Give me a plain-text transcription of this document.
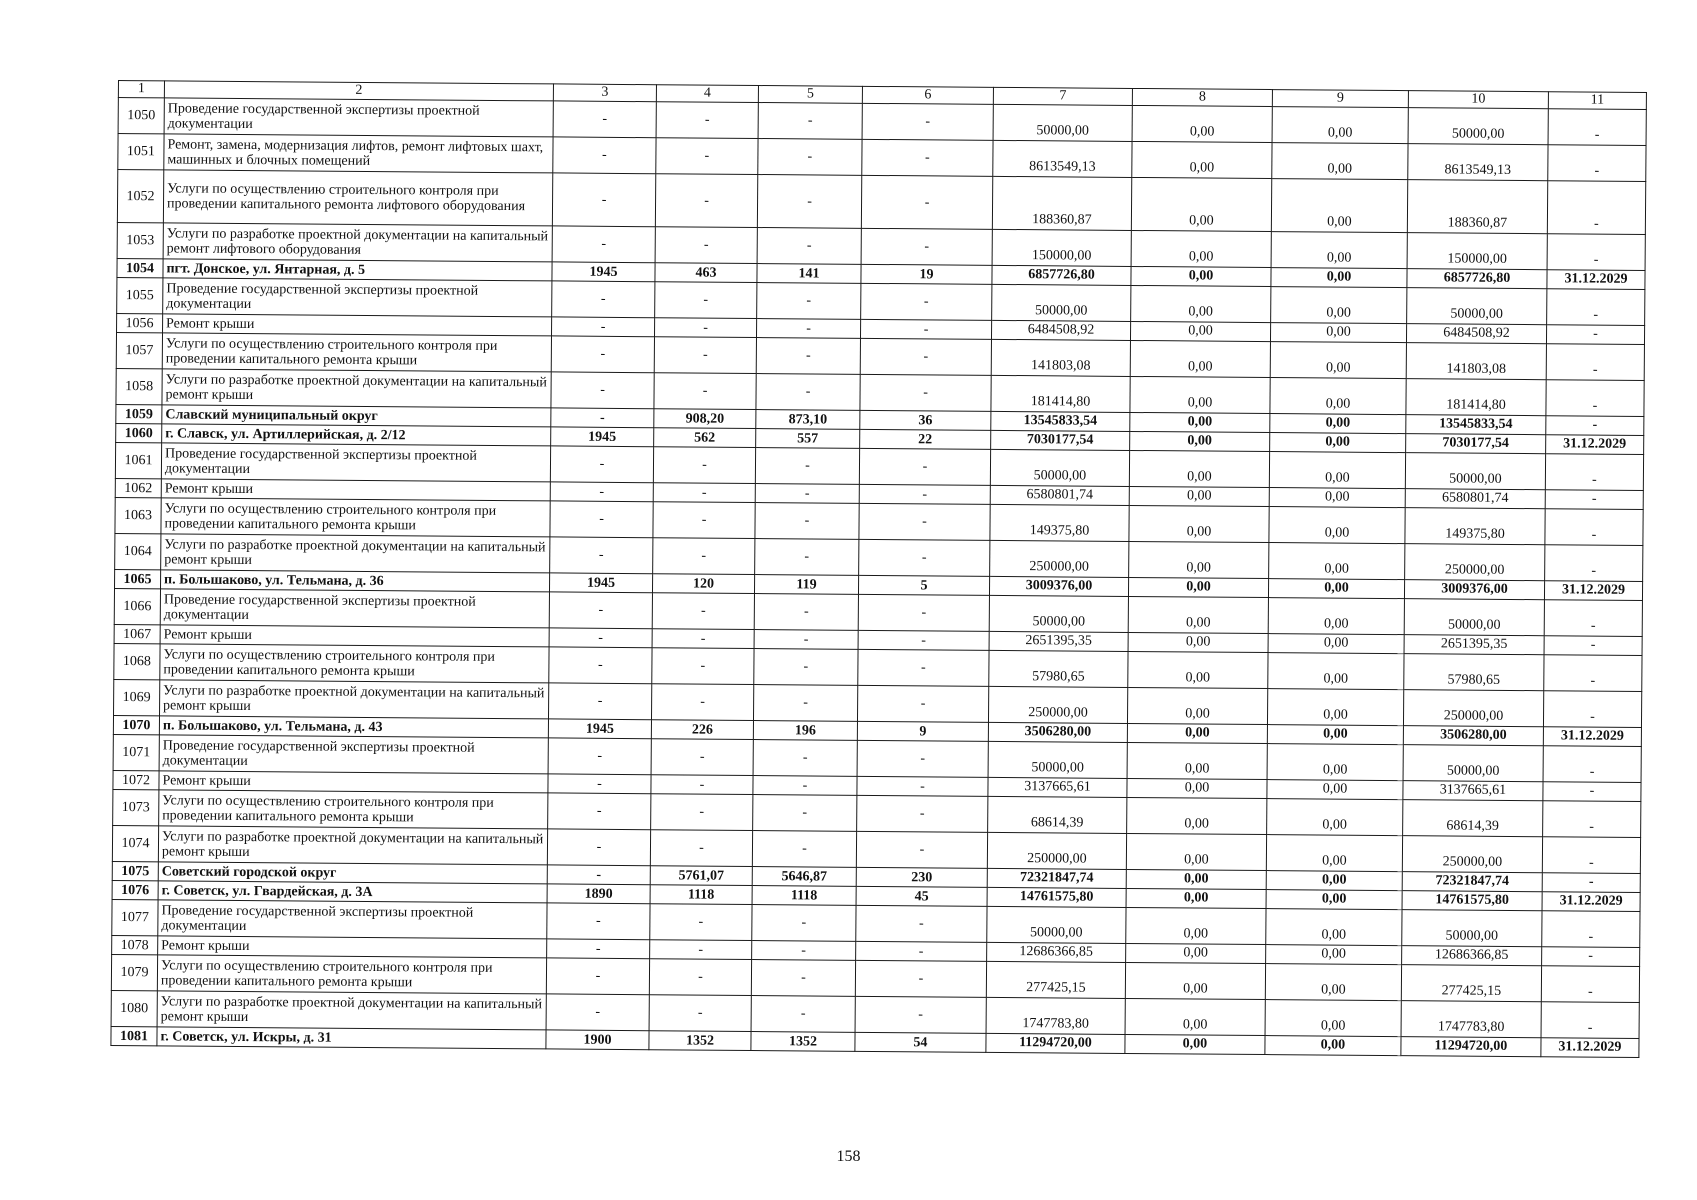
1	2	3	4	5	6	7	8	9	10	11
1050	Проведение государственной экспертизы проектной документации	-	-	-	-	50000,00	0,00	0,00	50000,00	-
1051	Ремонт, замена, модернизация лифтов, ремонт лифтовых шахт, машинных и блочных помещений	-	-	-	-	8613549,13	0,00	0,00	8613549,13	-
1052	Услуги по осуществлению строительного контроля при проведении капитального ремонта лифтового оборудования	-	-	-	-	188360,87	0,00	0,00	188360,87	-
1053	Услуги по разработке проектной документации на капитальный ремонт лифтового оборудования	-	-	-	-	150000,00	0,00	0,00	150000,00	-
1054	пгт. Донское, ул. Янтарная, д. 5	1945	463	141	19	6857726,80	0,00	0,00	6857726,80	31.12.2029
1055	Проведение государственной экспертизы проектной документации	-	-	-	-	50000,00	0,00	0,00	50000,00	-
1056	Ремонт крыши	-	-	-	-	6484508,92	0,00	0,00	6484508,92	-
1057	Услуги по осуществлению строительного контроля при проведении капитального ремонта крыши	-	-	-	-	141803,08	0,00	0,00	141803,08	-
1058	Услуги по разработке проектной документации на капитальный ремонт крыши	-	-	-	-	181414,80	0,00	0,00	181414,80	-
1059	Славский муниципальный округ	-	908,20	873,10	36	13545833,54	0,00	0,00	13545833,54	-
1060	г. Славск, ул. Артиллерийская, д. 2/12	1945	562	557	22	7030177,54	0,00	0,00	7030177,54	31.12.2029
1061	Проведение государственной экспертизы проектной документации	-	-	-	-	50000,00	0,00	0,00	50000,00	-
1062	Ремонт крыши	-	-	-	-	6580801,74	0,00	0,00	6580801,74	-
1063	Услуги по осуществлению строительного контроля при проведении капитального ремонта крыши	-	-	-	-	149375,80	0,00	0,00	149375,80	-
1064	Услуги по разработке проектной документации на капитальный ремонт крыши	-	-	-	-	250000,00	0,00	0,00	250000,00	-
1065	п. Большаково, ул. Тельмана, д. 36	1945	120	119	5	3009376,00	0,00	0,00	3009376,00	31.12.2029
1066	Проведение государственной экспертизы проектной документации	-	-	-	-	50000,00	0,00	0,00	50000,00	-
1067	Ремонт крыши	-	-	-	-	2651395,35	0,00	0,00	2651395,35	-
1068	Услуги по осуществлению строительного контроля при проведении капитального ремонта крыши	-	-	-	-	57980,65	0,00	0,00	57980,65	-
1069	Услуги по разработке проектной документации на капитальный ремонт крыши	-	-	-	-	250000,00	0,00	0,00	250000,00	-
1070	п. Большаково, ул. Тельмана, д. 43	1945	226	196	9	3506280,00	0,00	0,00	3506280,00	31.12.2029
1071	Проведение государственной экспертизы проектной документации	-	-	-	-	50000,00	0,00	0,00	50000,00	-
1072	Ремонт крыши	-	-	-	-	3137665,61	0,00	0,00	3137665,61	-
1073	Услуги по осуществлению строительного контроля при проведении капитального ремонта крыши	-	-	-	-	68614,39	0,00	0,00	68614,39	-
1074	Услуги по разработке проектной документации на капитальный ремонт крыши	-	-	-	-	250000,00	0,00	0,00	250000,00	-
1075	Советский городской округ	-	5761,07	5646,87	230	72321847,74	0,00	0,00	72321847,74	-
1076	г. Советск, ул. Гвардейская, д. 3А	1890	1118	1118	45	14761575,80	0,00	0,00	14761575,80	31.12.2029
1077	Проведение государственной экспертизы проектной документации	-	-	-	-	50000,00	0,00	0,00	50000,00	-
1078	Ремонт крыши	-	-	-	-	12686366,85	0,00	0,00	12686366,85	-
1079	Услуги по осуществлению строительного контроля при проведении капитального ремонта крыши	-	-	-	-	277425,15	0,00	0,00	277425,15	-
1080	Услуги по разработке проектной документации на капитальный ремонт крыши	-	-	-	-	1747783,80	0,00	0,00	1747783,80	-
1081	г. Советск, ул. Искры, д. 31	1900	1352	1352	54	11294720,00	0,00	0,00	11294720,00	31.12.2029
158
